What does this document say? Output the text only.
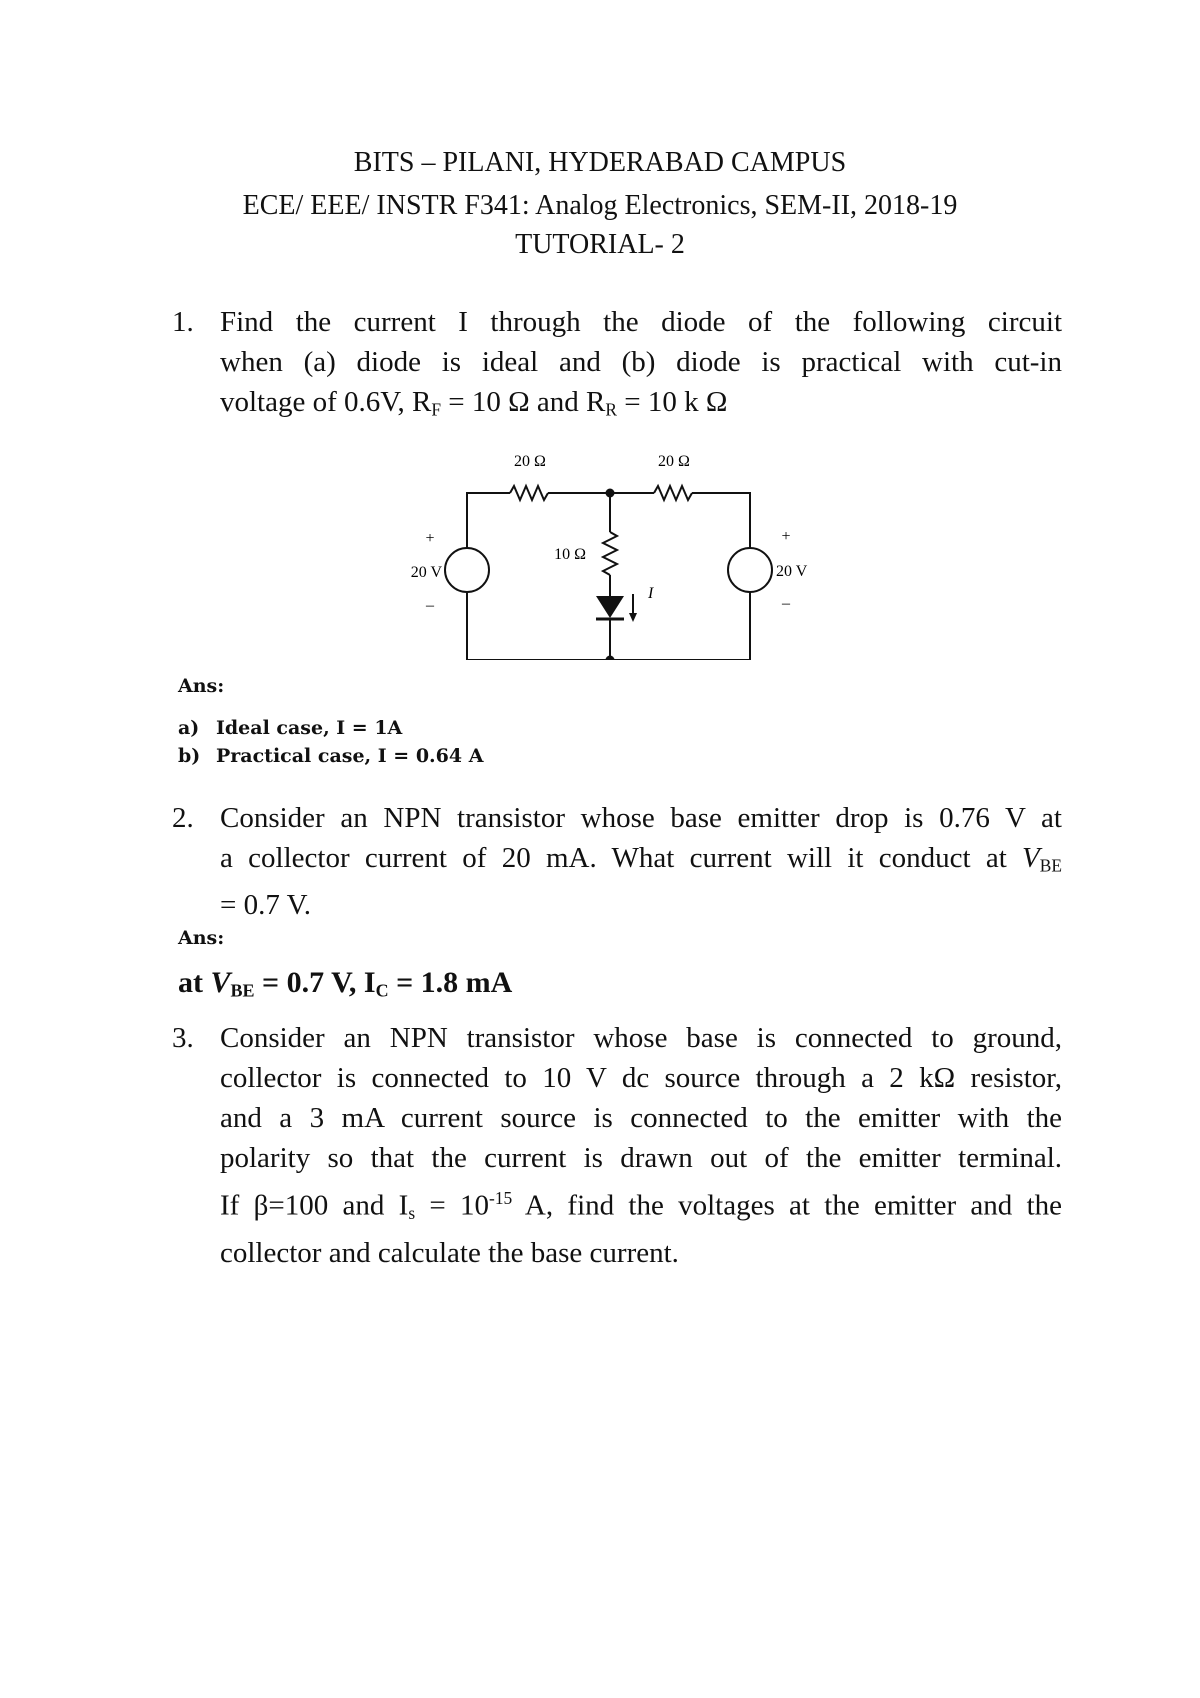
BITS – PILANI, HYDERABAD CAMPUS
ECE/ EEE/ INSTR F341: Analog Electronics, SEM-II, 2018-19
TUTORIAL- 2
1. Find the current I through the diode of the following circuit
when (a) diode is ideal and (b) diode is practical with cut-in
voltage of 0.6V, $R_F = 10$ Ω and $R_R = 10$ k Ω
20 Ω	20 Ω
10 Ω
20 V	20 V
+
–
+
–
I
Ans:
a) Ideal case, I = 1A
b) Practical case, I = 0.64 A
2. Consider an NPN transistor whose base emitter drop is 0.76 V at
a collector current of 20 mA. What current will it conduct at $V_{BE}$
= 0.7 V.
Ans:
at $V_{BE} = 0.7$ V, $I_C = 1.8$ mA
3. Consider an NPN transistor whose base is connected to ground,
collector is connected to 10 V dc source through a 2 kΩ resistor,
and a 3 mA current source is connected to the emitter with the
polarity so that the current is drawn out of the emitter terminal.
If β=100 and $I_s = 10^{-15}$ A, find the voltages at the emitter and the
collector and calculate the base current.
